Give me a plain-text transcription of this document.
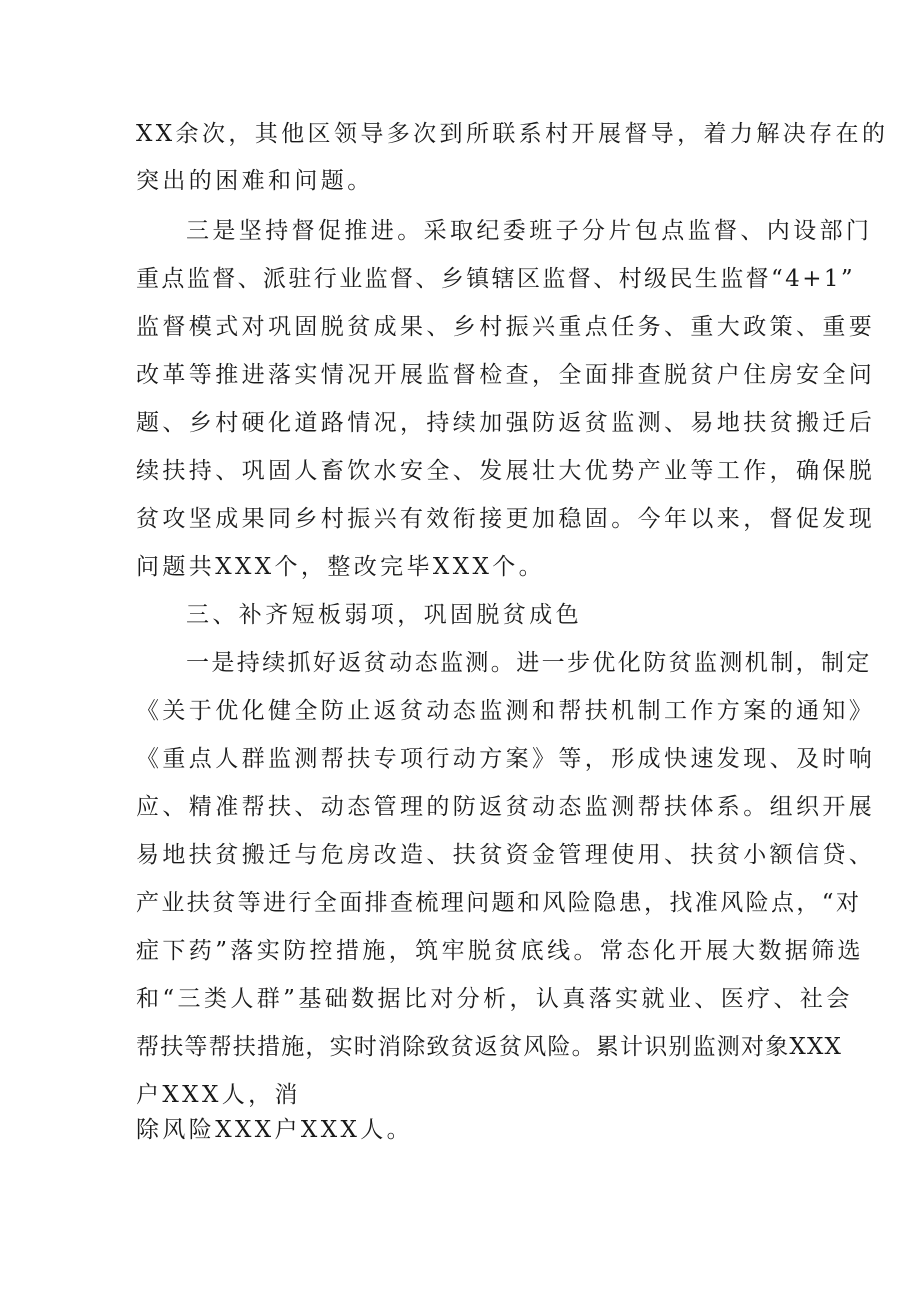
XX余次，其他区领导多次到所联系村开展督导，着力解决存在的
突出的困难和问题。
三是坚持督促推进。采取纪委班子分片包点监督、内设部门
重点监督、派驻行业监督、乡镇辖区监督、村级民生监督“4+1”
监督模式对巩固脱贫成果、乡村振兴重点任务、重大政策、重要
改革等推进落实情况开展监督检查，全面排查脱贫户住房安全问
题、乡村硬化道路情况，持续加强防返贫监测、易地扶贫搬迁后
续扶持、巩固人畜饮水安全、发展壮大优势产业等工作，确保脱
贫攻坚成果同乡村振兴有效衔接更加稳固。今年以来，督促发现
问题共XXX个，整改完毕XXX个。
三、补齐短板弱项，巩固脱贫成色
一是持续抓好返贫动态监测。进一步优化防贫监测机制，制定
《关于优化健全防止返贫动态监测和帮扶机制工作方案的通知》
《重点人群监测帮扶专项行动方案》等，形成快速发现、及时响
应、精准帮扶、动态管理的防返贫动态监测帮扶体系。组织开展
易地扶贫搬迁与危房改造、扶贫资金管理使用、扶贫小额信贷、
产业扶贫等进行全面排查梳理问题和风险隐患，找准风险点，“对
症下药”落实防控措施，筑牢脱贫底线。常态化开展大数据筛选
和“三类人群”基础数据比对分析，认真落实就业、医疗、社会
帮扶等帮扶措施，实时消除致贫返贫风险。累计识别监测对象XXX
户XXX人，消
除风险XXX户XXX人。
